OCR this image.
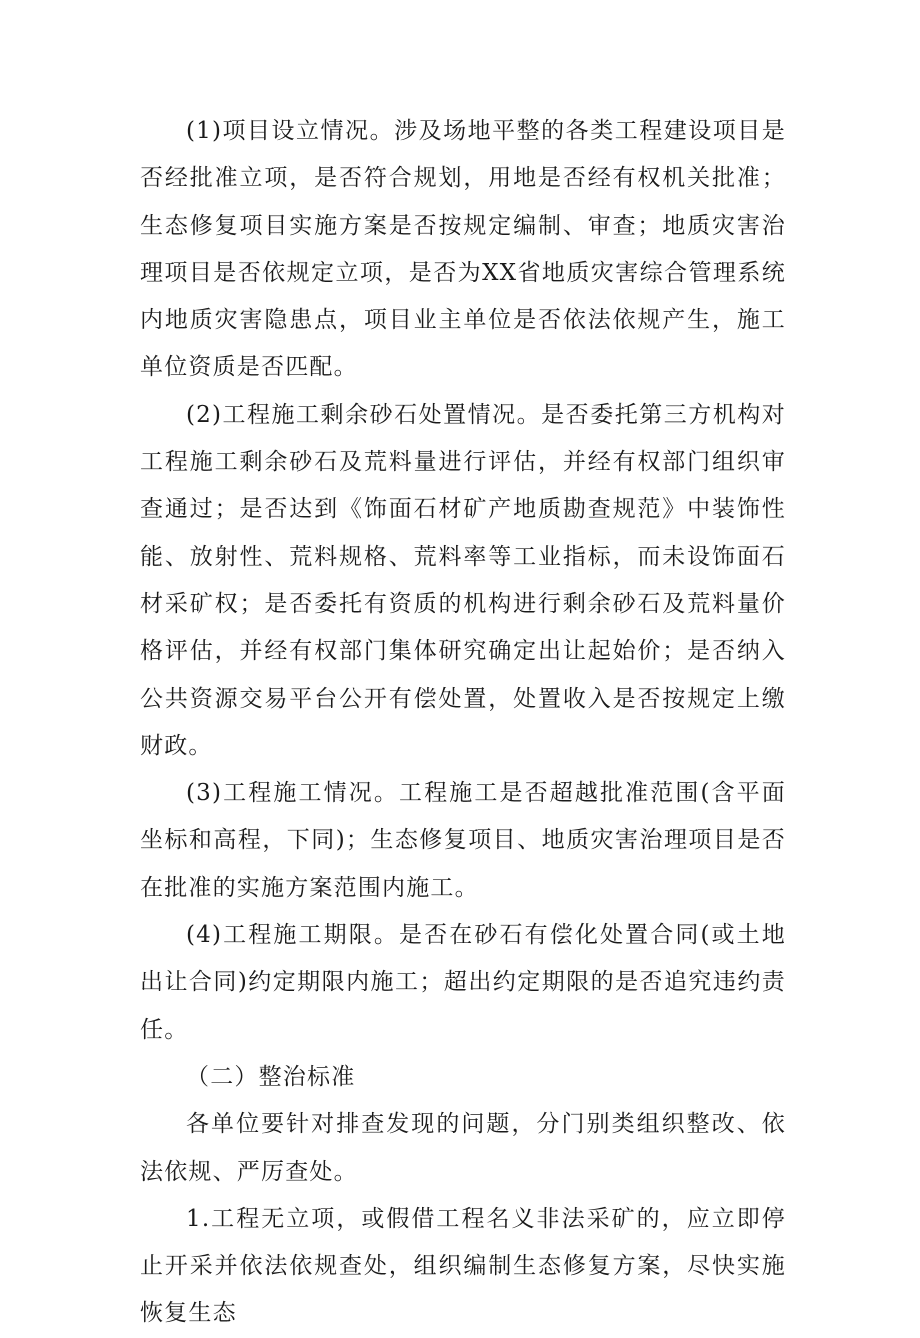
(1)项目设立情况。涉及场地平整的各类工程建设项目是否经批准立项，是否符合规划，用地是否经有权机关批准；生态修复项目实施方案是否按规定编制、审查；地质灾害治理项目是否依规定立项，是否为XX省地质灾害综合管理系统内地质灾害隐患点，项目业主单位是否依法依规产生，施工单位资质是否匹配。

(2)工程施工剩余砂石处置情况。是否委托第三方机构对工程施工剩余砂石及荒料量进行评估，并经有权部门组织审查通过；是否达到《饰面石材矿产地质勘查规范》中装饰性能、放射性、荒料规格、荒料率等工业指标，而未设饰面石材采矿权；是否委托有资质的机构进行剩余砂石及荒料量价格评估，并经有权部门集体研究确定出让起始价；是否纳入公共资源交易平台公开有偿处置，处置收入是否按规定上缴财政。

(3)工程施工情况。工程施工是否超越批准范围(含平面坐标和高程，下同)；生态修复项目、地质灾害治理项目是否在批准的实施方案范围内施工。

(4)工程施工期限。是否在砂石有偿化处置合同(或土地出让合同)约定期限内施工；超出约定期限的是否追究违约责任。

（二）整治标准

各单位要针对排查发现的问题，分门别类组织整改、依法依规、严厉查处。

1.工程无立项，或假借工程名义非法采矿的，应立即停止开采并依法依规查处，组织编制生态修复方案，尽快实施恢复生态
